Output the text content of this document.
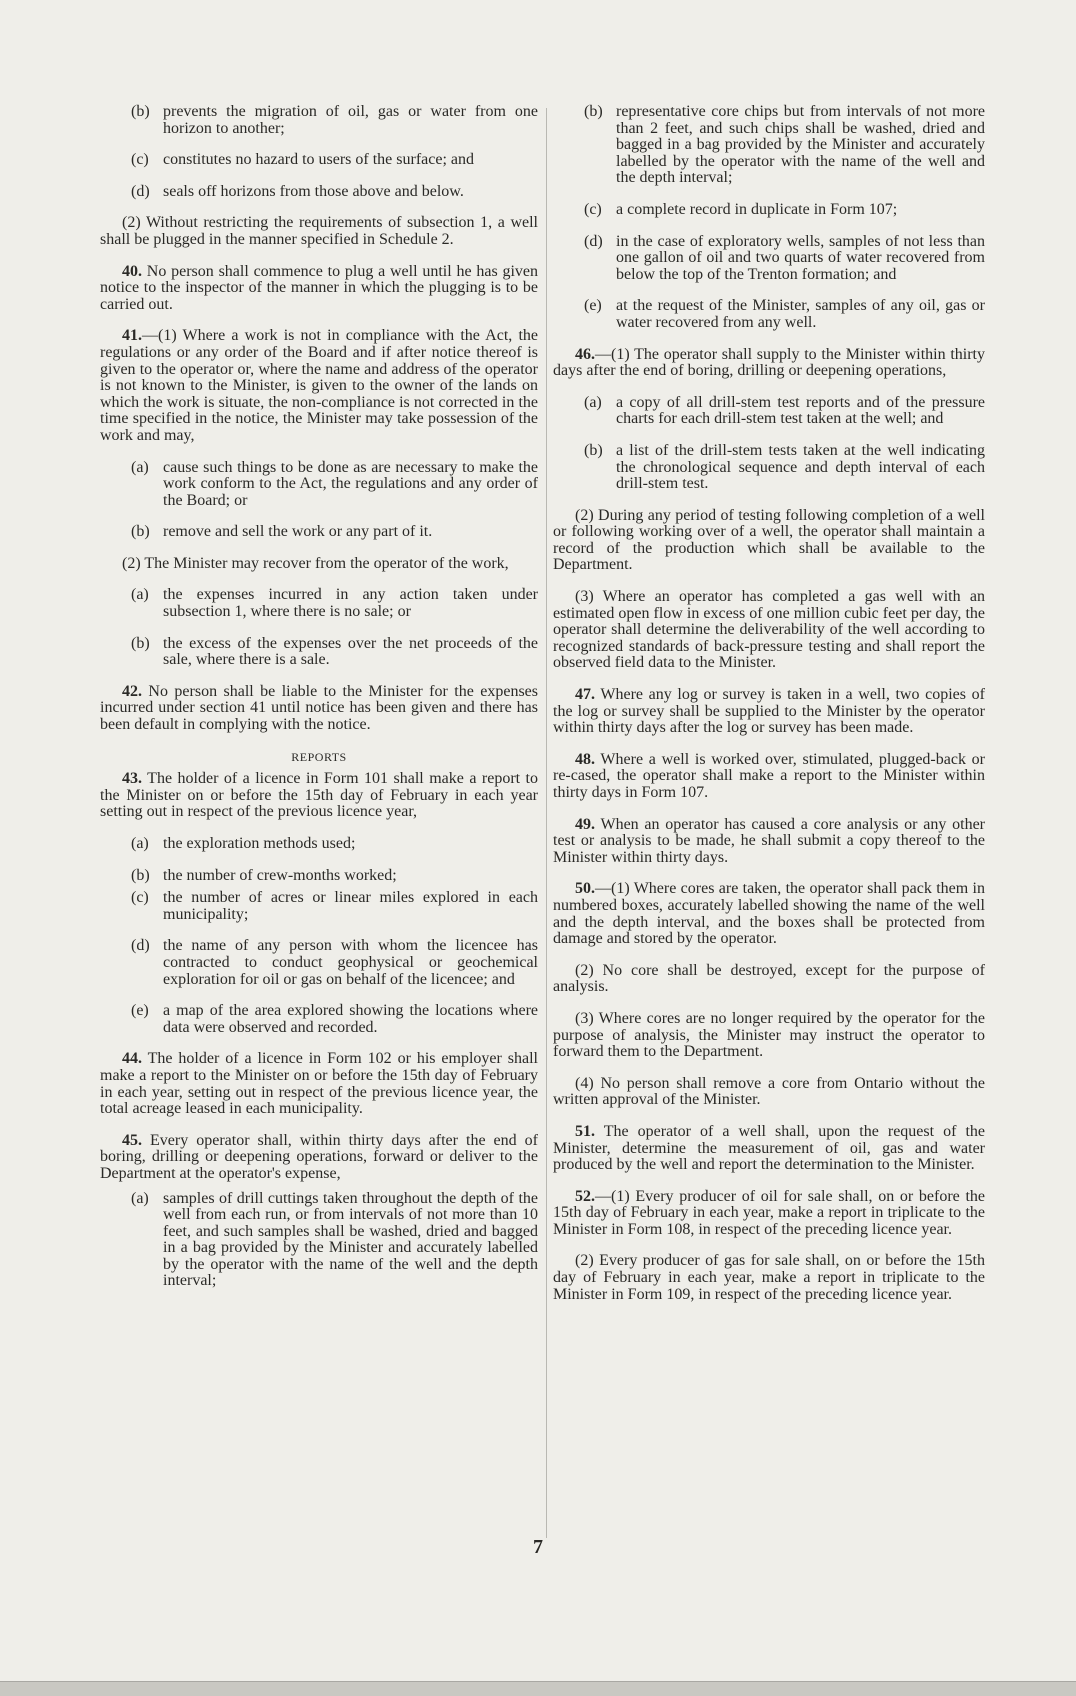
(b) prevents the migration of oil, gas or water from one horizon to another;

(c) constitutes no hazard to users of the surface; and

(d) seals off horizons from those above and below.

(2) Without restricting the requirements of subsection 1, a well shall be plugged in the manner specified in Schedule 2.

40. No person shall commence to plug a well until he has given notice to the inspector of the manner in which the plugging is to be carried out.

41.—(1) Where a work is not in compliance with the Act, the regulations or any order of the Board and if after notice thereof is given to the operator or, where the name and address of the operator is not known to the Minister, is given to the owner of the lands on which the work is situate, the non-compliance is not corrected in the time specified in the notice, the Minister may take possession of the work and may,

(a) cause such things to be done as are necessary to make the work conform to the Act, the regulations and any order of the Board; or

(b) remove and sell the work or any part of it.

(2) The Minister may recover from the operator of the work,

(a) the expenses incurred in any action taken under subsection 1, where there is no sale; or

(b) the excess of the expenses over the net proceeds of the sale, where there is a sale.

42. No person shall be liable to the Minister for the expenses incurred under section 41 until notice has been given and there has been default in complying with the notice.

REPORTS

43. The holder of a licence in Form 101 shall make a report to the Minister on or before the 15th day of February in each year setting out in respect of the previous licence year,

(a) the exploration methods used;

(b) the number of crew-months worked;

(c) the number of acres or linear miles explored in each municipality;

(d) the name of any person with whom the licencee has contracted to conduct geophysical or geochemical exploration for oil or gas on behalf of the licencee; and

(e) a map of the area explored showing the locations where data were observed and recorded.

44. The holder of a licence in Form 102 or his employer shall make a report to the Minister on or before the 15th day of February in each year, setting out in respect of the previous licence year, the total acreage leased in each municipality.

45. Every operator shall, within thirty days after the end of boring, drilling or deepening operations, forward or deliver to the Department at the operator's expense,

(a) samples of drill cuttings taken throughout the depth of the well from each run, or from intervals of not more than 10 feet, and such samples shall be washed, dried and bagged in a bag provided by the Minister and accurately labelled by the operator with the name of the well and the depth interval;

(b) representative core chips but from intervals of not more than 2 feet, and such chips shall be washed, dried and bagged in a bag provided by the Minister and accurately labelled by the operator with the name of the well and the depth interval;

(c) a complete record in duplicate in Form 107;

(d) in the case of exploratory wells, samples of not less than one gallon of oil and two quarts of water recovered from below the top of the Trenton formation; and

(e) at the request of the Minister, samples of any oil, gas or water recovered from any well.

46.—(1) The operator shall supply to the Minister within thirty days after the end of boring, drilling or deepening operations,

(a) a copy of all drill-stem test reports and of the pressure charts for each drill-stem test taken at the well; and

(b) a list of the drill-stem tests taken at the well indicating the chronological sequence and depth interval of each drill-stem test.

(2) During any period of testing following completion of a well or following working over of a well, the operator shall maintain a record of the production which shall be available to the Department.

(3) Where an operator has completed a gas well with an estimated open flow in excess of one million cubic feet per day, the operator shall determine the deliverability of the well according to recognized standards of back-pressure testing and shall report the observed field data to the Minister.

47. Where any log or survey is taken in a well, two copies of the log or survey shall be supplied to the Minister by the operator within thirty days after the log or survey has been made.

48. Where a well is worked over, stimulated, plugged-back or re-cased, the operator shall make a report to the Minister within thirty days in Form 107.

49. When an operator has caused a core analysis or any other test or analysis to be made, he shall submit a copy thereof to the Minister within thirty days.

50.—(1) Where cores are taken, the operator shall pack them in numbered boxes, accurately labelled showing the name of the well and the depth interval, and the boxes shall be protected from damage and stored by the operator.

(2) No core shall be destroyed, except for the purpose of analysis.

(3) Where cores are no longer required by the operator for the purpose of analysis, the Minister may instruct the operator to forward them to the Department.

(4) No person shall remove a core from Ontario without the written approval of the Minister.

51. The operator of a well shall, upon the request of the Minister, determine the measurement of oil, gas and water produced by the well and report the determination to the Minister.

52.—(1) Every producer of oil for sale shall, on or before the 15th day of February in each year, make a report in triplicate to the Minister in Form 108, in respect of the preceding licence year.

(2) Every producer of gas for sale shall, on or before the 15th day of February in each year, make a report in triplicate to the Minister in Form 109, in respect of the preceding licence year.

7
